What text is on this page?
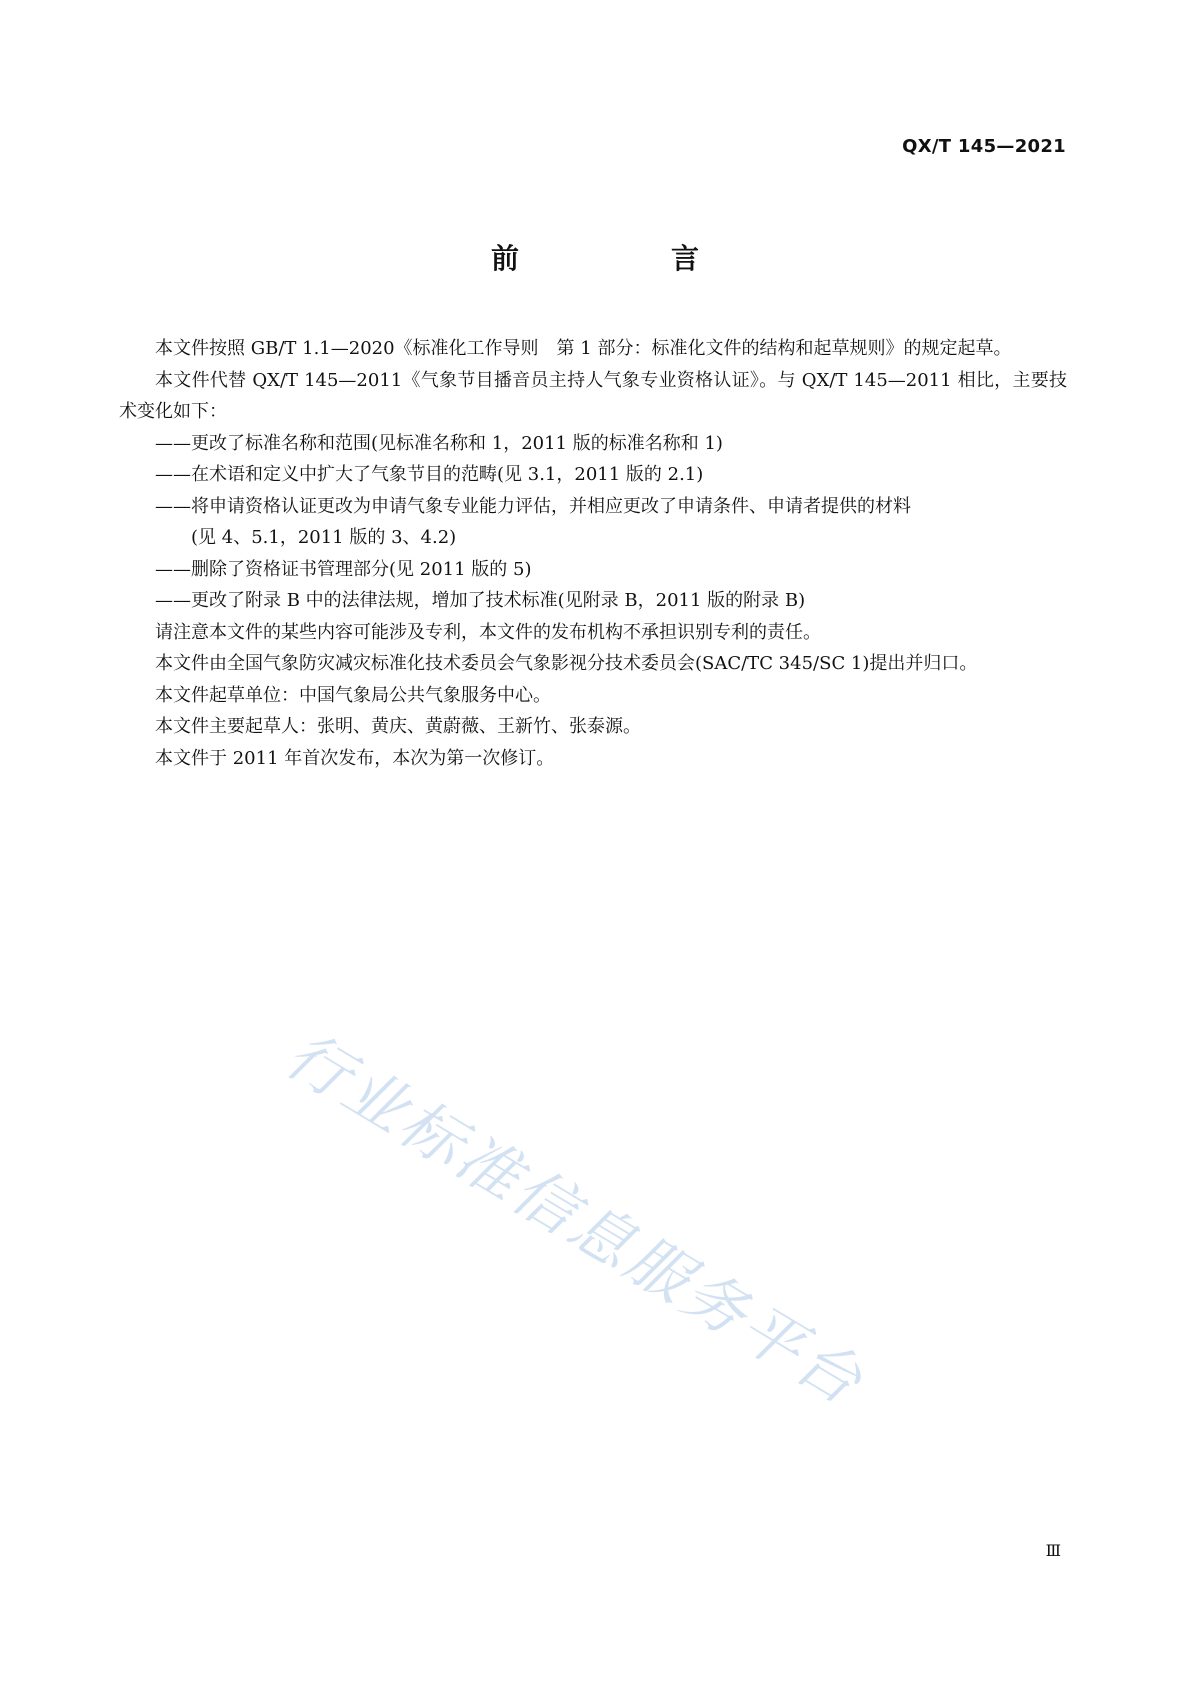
QX/T 145—2021
前　言

本文件按照 GB/T 1.1—2020《标准化工作导则　第 1 部分：标准化文件的结构和起草规则》的规定起草。

本文件代替 QX/T 145—2011《气象节目播音员主持人气象专业资格认证》。与 QX/T 145—2011 相比，主要技术变化如下：

——更改了标准名称和范围(见标准名称和 1，2011 版的标准名称和 1)

——在术语和定义中扩大了气象节目的范畴(见 3.1，2011 版的 2.1)

——将申请资格认证更改为申请气象专业能力评估，并相应更改了申请条件、申请者提供的材料
(见 4、5.1，2011 版的 3、4.2)

——删除了资格证书管理部分(见 2011 版的 5)

——更改了附录 B 中的法律法规，增加了技术标准(见附录 B，2011 版的附录 B)

请注意本文件的某些内容可能涉及专利，本文件的发布机构不承担识别专利的责任。

本文件由全国气象防灾减灾标准化技术委员会气象影视分技术委员会(SAC/TC 345/SC 1)提出并归口。

本文件起草单位：中国气象局公共气象服务中心。

本文件主要起草人：张明、黄庆、黄蔚薇、王新竹、张泰源。

本文件于 2011 年首次发布，本次为第一次修订。

行业标准信息服务平台
Ⅲ
